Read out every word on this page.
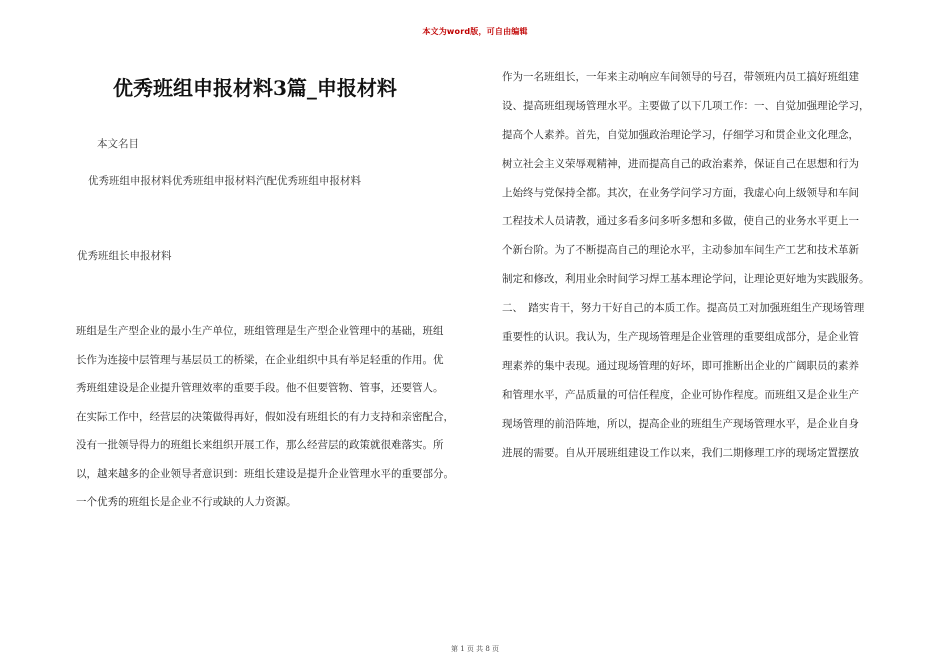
本文为word版，可自由编辑
优秀班组申报材料3篇_申报材料
本文名目
优秀班组申报材料优秀班组申报材料汽配优秀班组申报材料
优秀班组长申报材料
班组是生产型企业的最小生产单位，班组管理是生产型企业管理中的基础，班组
长作为连接中层管理与基层员工的桥梁，在企业组织中具有举足轻重的作用。优
秀班组建设是企业提升管理效率的重要手段。他不但要管物、管事，还要管人。
在实际工作中，经营层的决策做得再好，假如没有班组长的有力支持和亲密配合，
没有一批领导得力的班组长来组织开展工作，那么经营层的政策就很难落实。所
以，越来越多的企业领导者意识到：班组长建设是提升企业管理水平的重要部分。
一个优秀的班组长是企业不行或缺的人力资源。
作为一名班组长，一年来主动响应车间领导的号召，带领班内员工搞好班组建
设、提高班组现场管理水平。主要做了以下几项工作：一、自觉加强理论学习，
提高个人素养。首先，自觉加强政治理论学习，仔细学习和贯企业文化理念，
树立社会主义荣辱观精神，进而提高自己的政治素养，保证自己在思想和行为
上始终与党保持全都。其次，在业务学问学习方面，我虚心向上级领导和车间
工程技术人员请教，通过多看多问多听多想和多做，使自己的业务水平更上一
个新台阶。为了不断提高自己的理论水平，主动参加车间生产工艺和技术革新
制定和修改，利用业余时间学习焊工基本理论学问，让理论更好地为实践服务。
二、　踏实肯干，努力干好自己的本质工作。提高员工对加强班组生产现场管理
重要性的认识。我认为，生产现场管理是企业管理的重要组成部分，是企业管
理素养的集中表现。通过现场管理的好坏，即可推断出企业的广阔职员的素养
和管理水平，产品质量的可信任程度，企业可协作程度。而班组又是企业生产
现场管理的前沿阵地，所以，提高企业的班组生产现场管理水平，是企业自身
进展的需要。自从开展班组建设工作以来，我们二期修理工序的现场定置摆放
第 1 页 共 8 页
